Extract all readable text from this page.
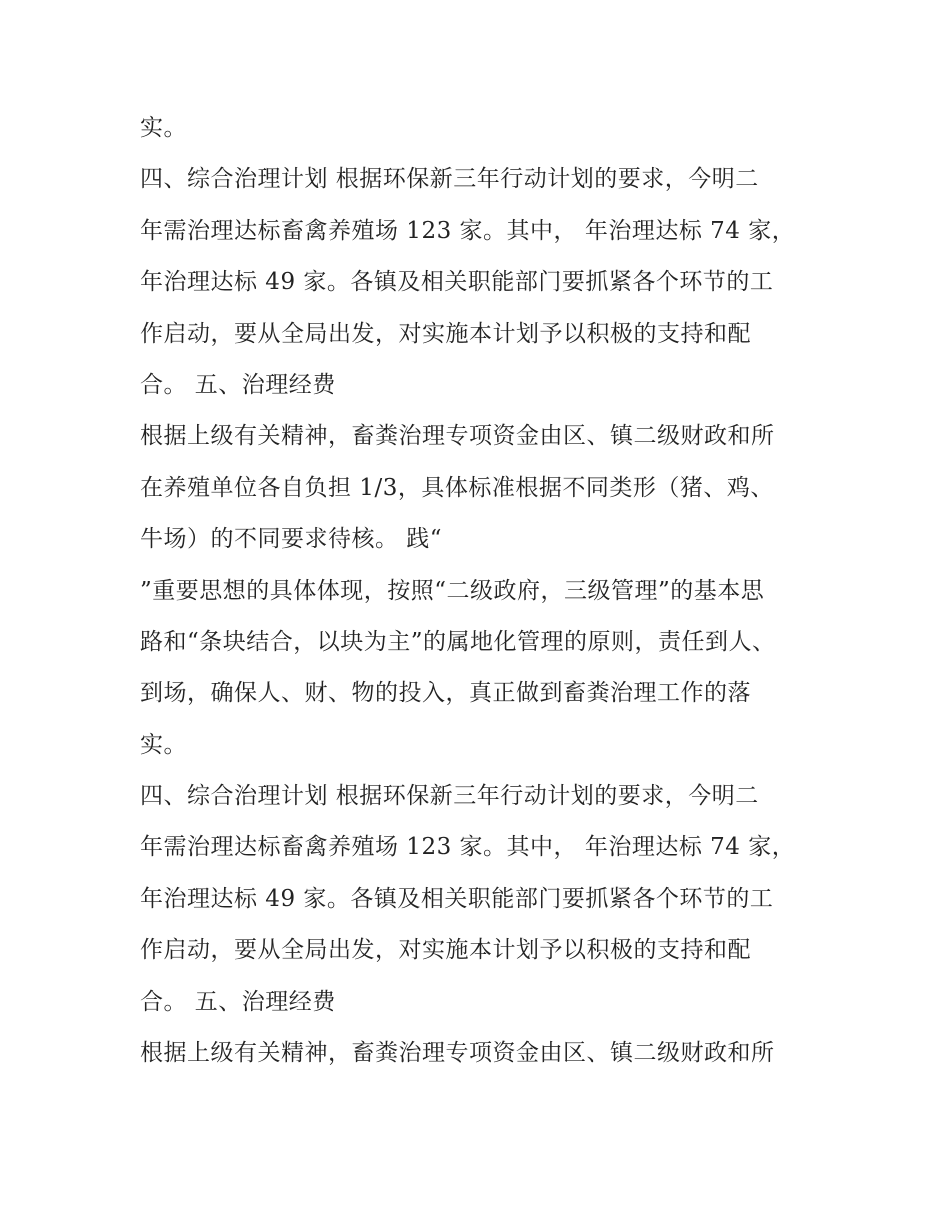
实。
四、综合治理计划 根据环保新三年行动计划的要求，今明二
年需治理达标畜禽养殖场 123 家。其中， 年治理达标 74 家，
年治理达标 49 家。各镇及相关职能部门要抓紧各个环节的工
作启动，要从全局出发，对实施本计划予以积极的支持和配
合。 五、治理经费
根据上级有关精神，畜粪治理专项资金由区、镇二级财政和所
在养殖单位各自负担 1/3，具体标准根据不同类形（猪、鸡、
牛场）的不同要求待核。 践“
”重要思想的具体体现，按照“二级政府，三级管理”的基本思
路和“条块结合，以块为主”的属地化管理的原则，责任到人、
到场，确保人、财、物的投入，真正做到畜粪治理工作的落
实。
四、综合治理计划 根据环保新三年行动计划的要求，今明二
年需治理达标畜禽养殖场 123 家。其中， 年治理达标 74 家，
年治理达标 49 家。各镇及相关职能部门要抓紧各个环节的工
作启动，要从全局出发，对实施本计划予以积极的支持和配
合。 五、治理经费
根据上级有关精神，畜粪治理专项资金由区、镇二级财政和所
